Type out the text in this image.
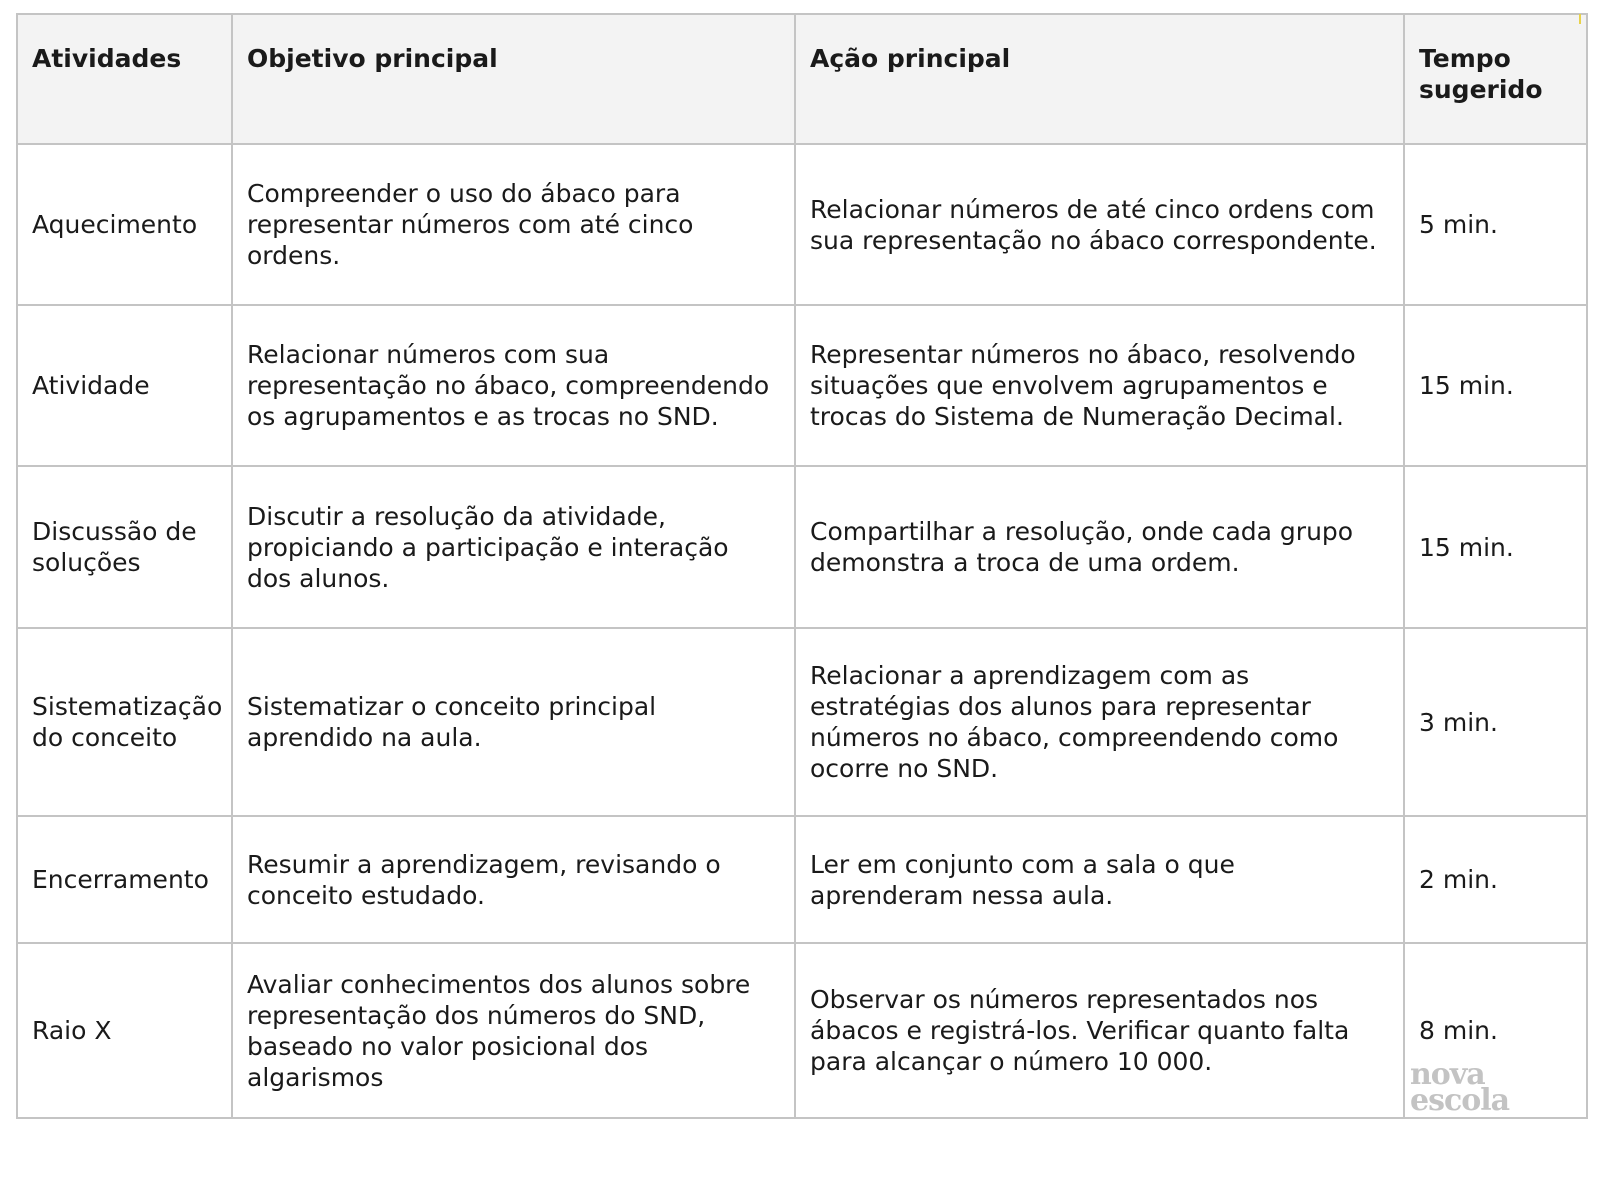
Atividades	Objetivo principal	Ação principal	Tempo sugerido
Aquecimento	Compreender o uso do ábaco para representar números com até cinco ordens.	Relacionar números de até cinco ordens com sua representação no ábaco correspondente.	5 min.
Atividade	Relacionar números com sua representação no ábaco, compreendendo os agrupamentos e as trocas no SND.	Representar números no ábaco, resolvendo situações que envolvem agrupamentos e trocas do Sistema de Numeração Decimal.	15 min.
Discussão de soluções	Discutir a resolução da atividade, propiciando a participação e interação dos alunos.	Compartilhar a resolução, onde cada grupo demonstra a troca de uma ordem.	15 min.
Sistematização do conceito	Sistematizar o conceito principal aprendido na aula.	Relacionar a aprendizagem com as estratégias dos alunos para representar números no ábaco, compreendendo como ocorre no SND.	3 min.
Encerramento	Resumir a aprendizagem, revisando o conceito estudado.	Ler em conjunto com a sala o que aprenderam nessa aula.	2 min.
Raio X	Avaliar conhecimentos dos alunos sobre representação dos números do SND, baseado no valor posicional dos algarismos	Observar os números representados nos ábacos e registrá-los. Verificar quanto falta para alcançar o número 10 000.	8 min.
nova
escola
